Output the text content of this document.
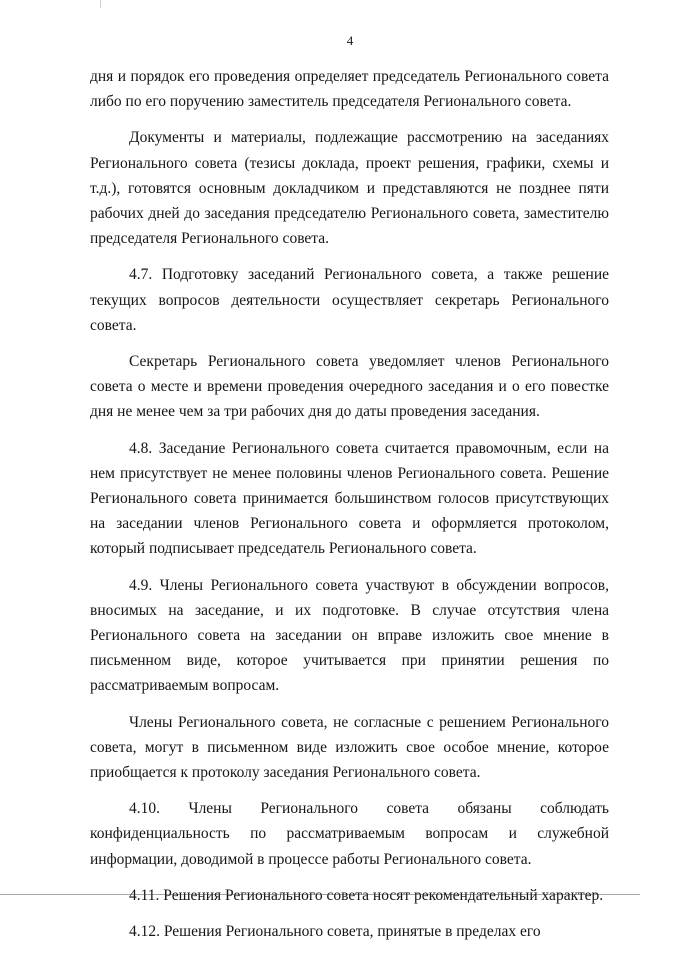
4

дня и порядок его проведения определяет председатель Регионального совета либо по его поручению заместитель председателя Регионального совета.

Документы и материалы, подлежащие рассмотрению на заседаниях Регионального совета (тезисы доклада, проект решения, графики, схемы и т.д.), готовятся основным докладчиком и представляются не позднее пяти рабочих дней до заседания председателю Регионального совета, заместителю председателя Регионального совета.

4.7. Подготовку заседаний Регионального совета, а также решение текущих вопросов деятельности осуществляет секретарь Регионального совета.

Секретарь Регионального совета уведомляет членов Регионального совета о месте и времени проведения очередного заседания и о его повестке дня не менее чем за три рабочих дня до даты проведения заседания.

4.8. Заседание Регионального совета считается правомочным, если на нем присутствует не менее половины членов Регионального совета. Решение Регионального совета принимается большинством голосов присутствующих на заседании членов Регионального совета и оформляется протоколом, который подписывает председатель Регионального совета.

4.9. Члены Регионального совета участвуют в обсуждении вопросов, вносимых на заседание, и их подготовке. В случае отсутствия члена Регионального совета на заседании он вправе изложить свое мнение в письменном виде, которое учитывается при принятии решения по рассматриваемым вопросам.

Члены Регионального совета, не согласные с решением Регионального совета, могут в письменном виде изложить свое особое мнение, которое приобщается к протоколу заседания Регионального совета.

4.10. Члены Регионального совета обязаны соблюдать конфиденциальность по рассматриваемым вопросам и служебной информации, доводимой в процессе работы Регионального совета.

4.11. Решения Регионального совета носят рекомендательный характер.

4.12. Решения Регионального совета, принятые в пределах его
